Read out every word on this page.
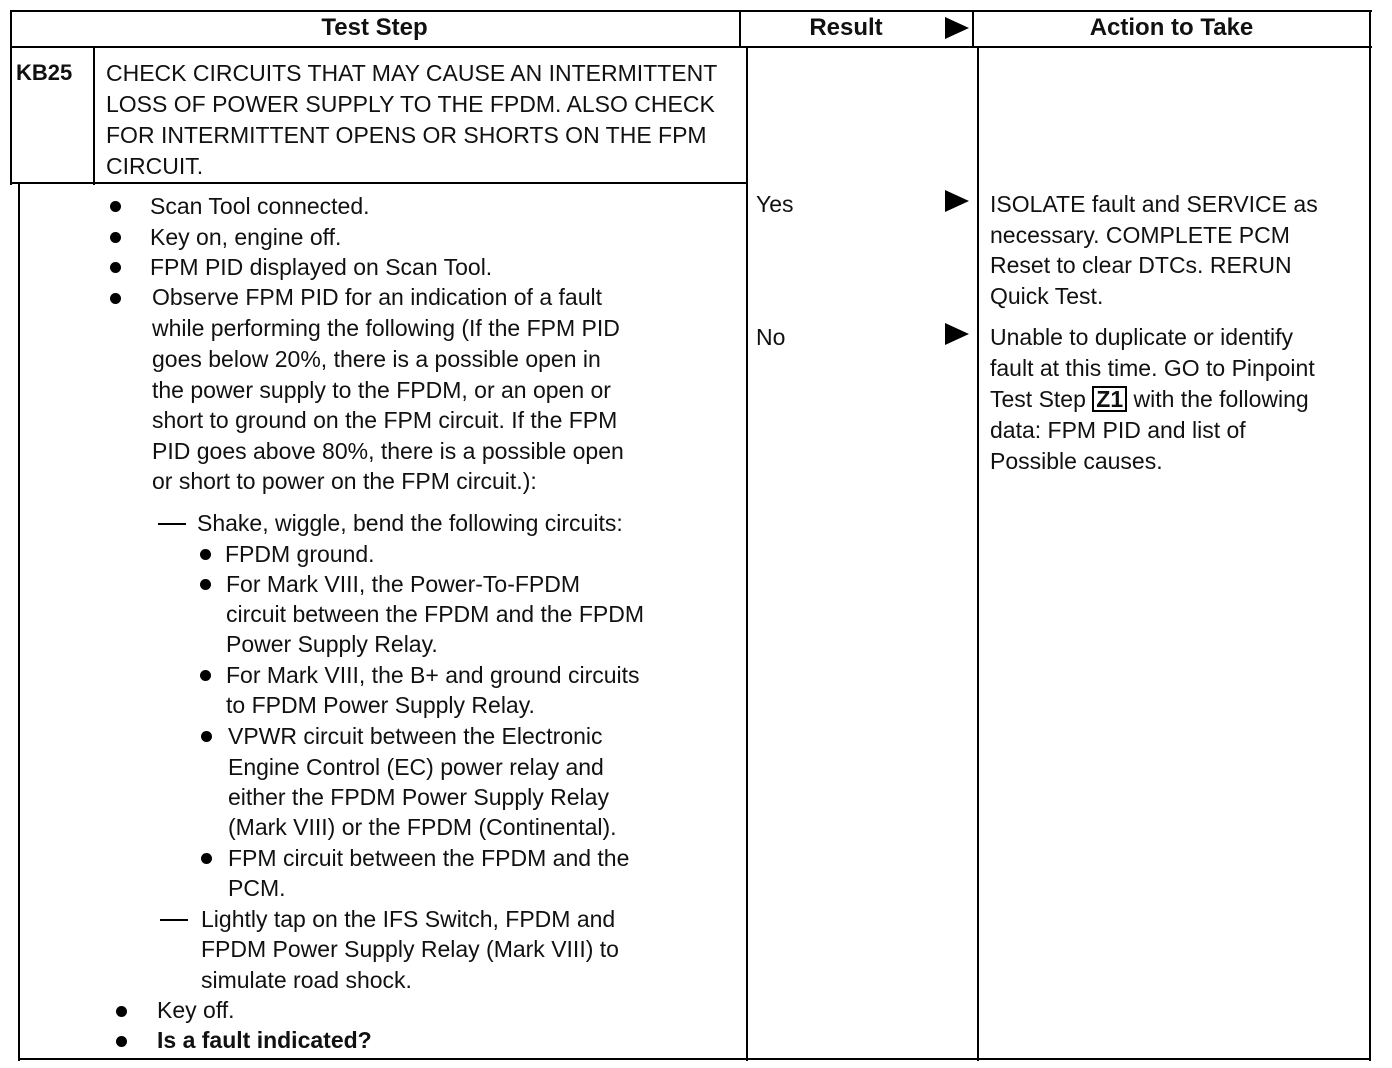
Test Step	Result	Action to Take
KB25 CHECK CIRCUITS THAT MAY CAUSE AN INTERMITTENT LOSS OF POWER SUPPLY TO THE FPDM. ALSO CHECK FOR INTERMITTENT OPENS OR SHORTS ON THE FPM CIRCUIT.
Scan Tool connected.
Key on, engine off.
FPM PID displayed on Scan Tool.
Observe FPM PID for an indication of a fault
while performing the following (If the FPM PID
goes below 20%, there is a possible open in
the power supply to the FPDM, or an open or
short to ground on the FPM circuit. If the FPM
PID goes above 80%, there is a possible open
or short to power on the FPM circuit.):
Shake, wiggle, bend the following circuits:
FPDM ground.
For Mark VIII, the Power-To-FPDM
circuit between the FPDM and the FPDM
Power Supply Relay.
For Mark VIII, the B+ and ground circuits
to FPDM Power Supply Relay.
VPWR circuit between the Electronic
Engine Control (EC) power relay and
either the FPDM Power Supply Relay
(Mark VIII) or the FPDM (Continental).
FPM circuit between the FPDM and the
PCM.
Lightly tap on the IFS Switch, FPDM and
FPDM Power Supply Relay (Mark VIII) to
simulate road shock.
Key off.
Is a fault indicated?
Yes
No
ISOLATE fault and SERVICE as
necessary. COMPLETE PCM
Reset to clear DTCs. RERUN
Quick Test.
Unable to duplicate or identify
fault at this time. GO to Pinpoint
Test Step Z1 with the following
data: FPM PID and list of
Possible causes.
